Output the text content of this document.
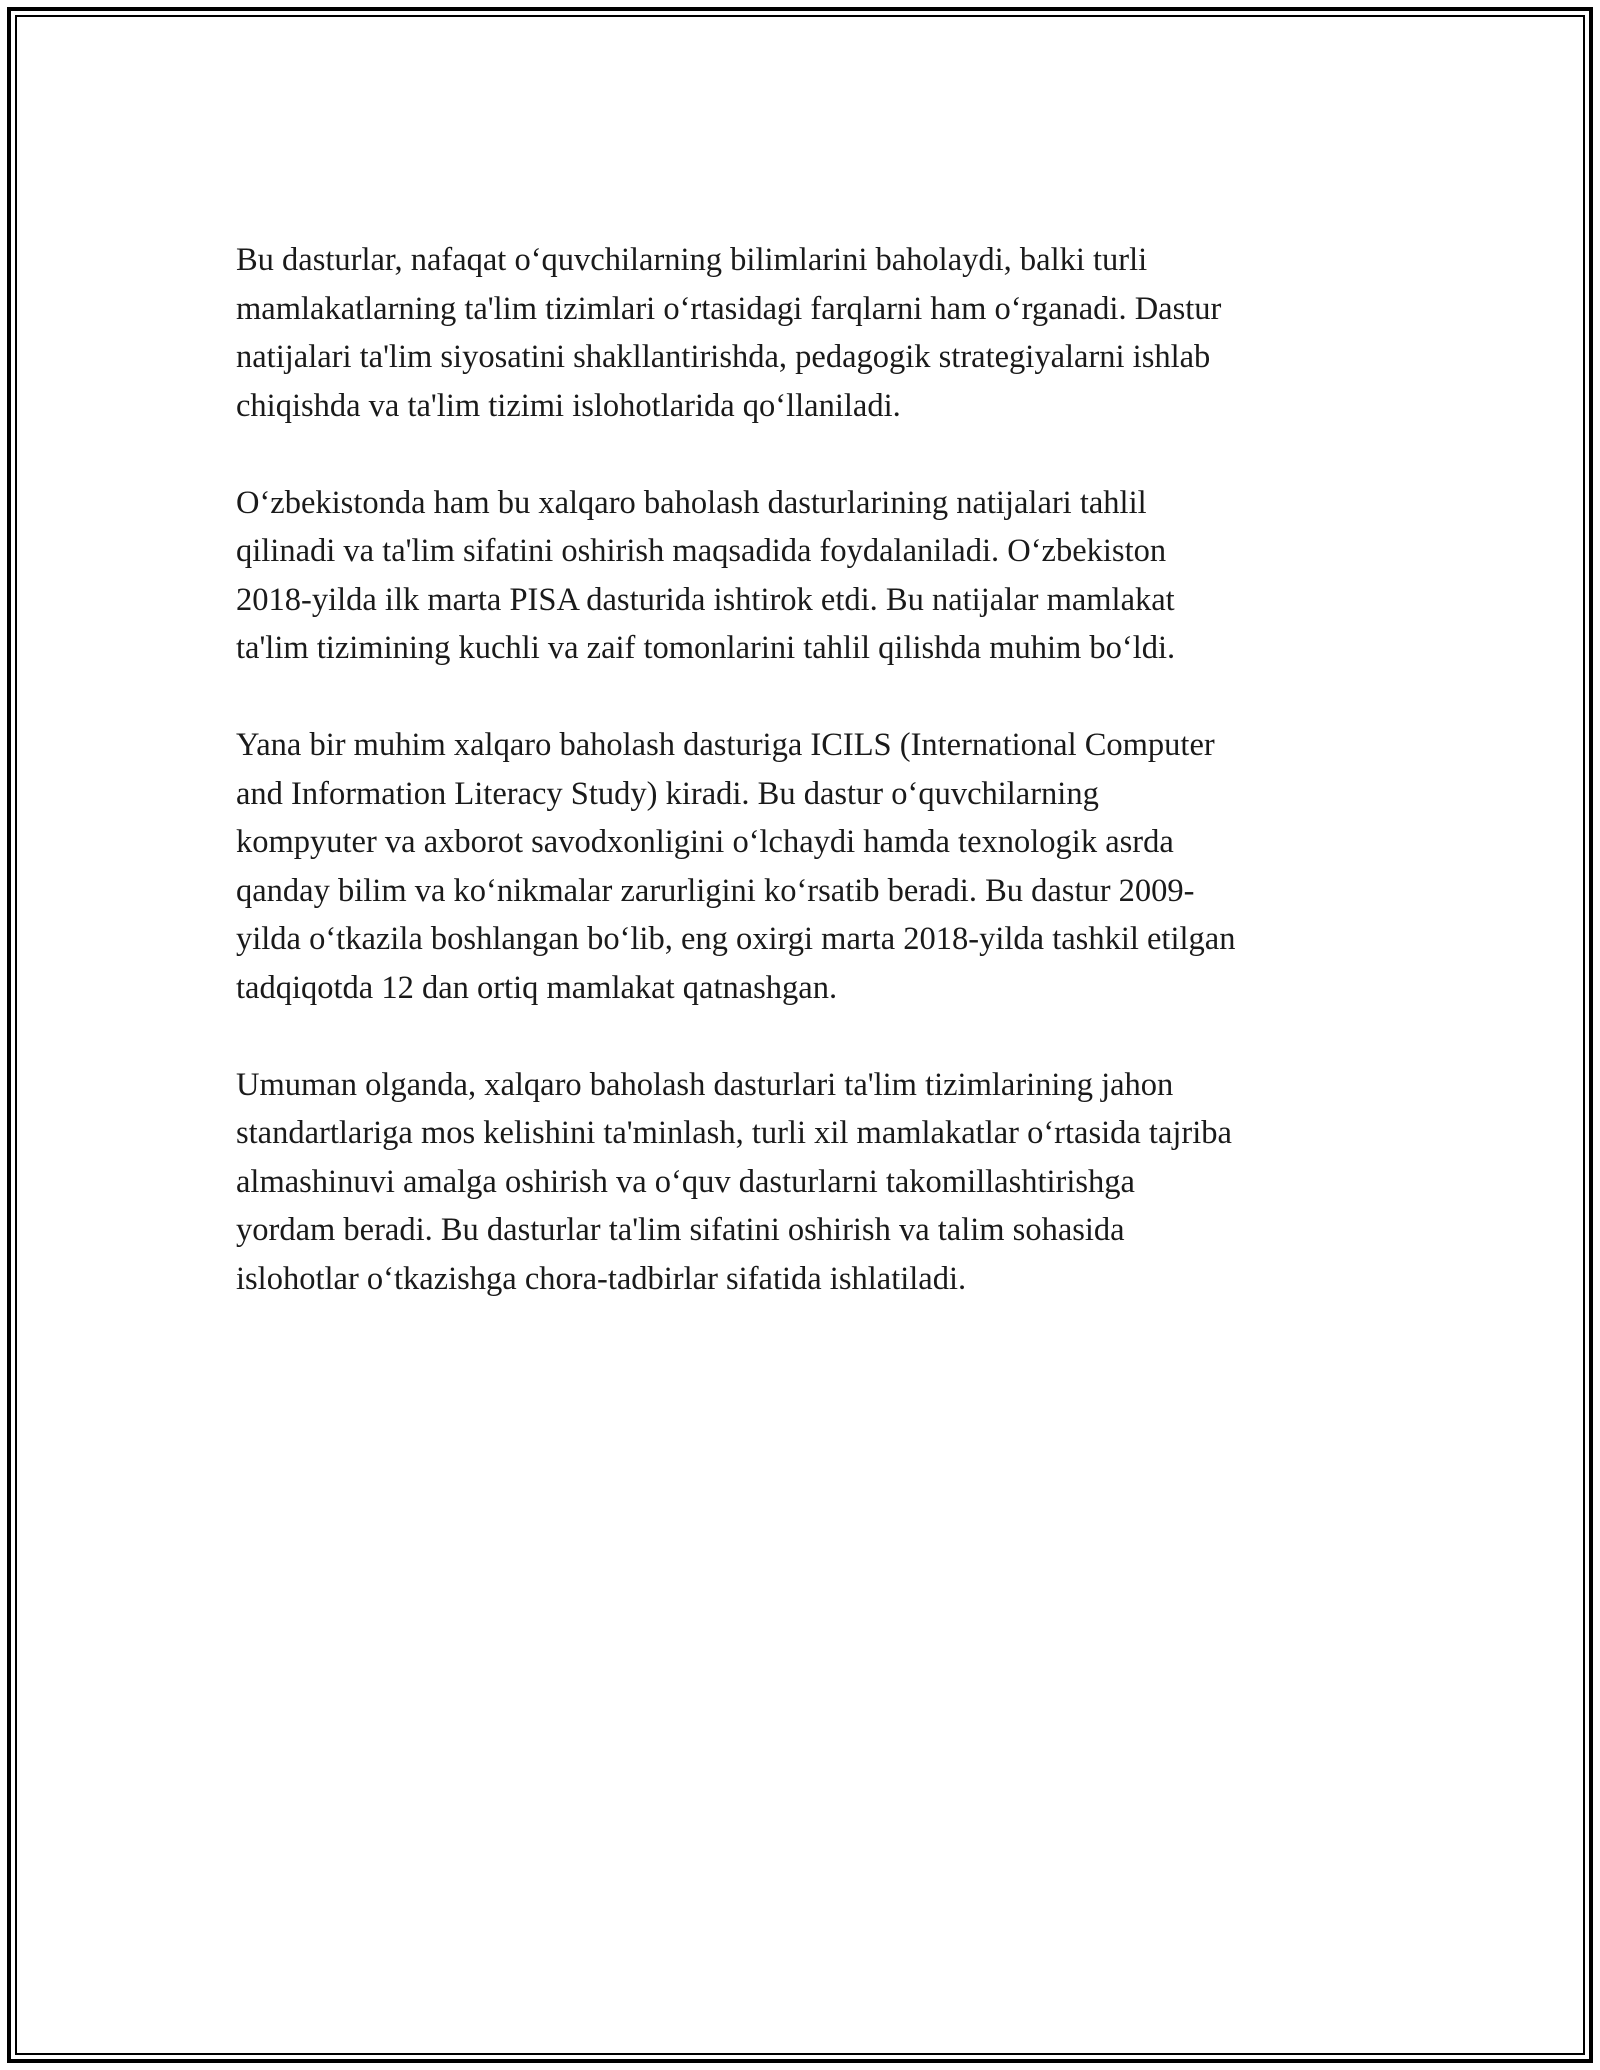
Bu dasturlar, nafaqat o‘quvchilarning bilimlarini baholaydi, balki turli
mamlakatlarning ta'lim tizimlari o‘rtasidagi farqlarni ham o‘rganadi. Dastur
natijalari ta'lim siyosatini shakllantirishda, pedagogik strategiyalarni ishlab
chiqishda va ta'lim tizimi islohotlarida qo‘llaniladi.

O‘zbekistonda ham bu xalqaro baholash dasturlarining natijalari tahlil
qilinadi va ta'lim sifatini oshirish maqsadida foydalaniladi. O‘zbekiston
2018-yilda ilk marta PISA dasturida ishtirok etdi. Bu natijalar mamlakat
ta'lim tizimining kuchli va zaif tomonlarini tahlil qilishda muhim bo‘ldi.

Yana bir muhim xalqaro baholash dasturiga ICILS (International Computer
and Information Literacy Study) kiradi. Bu dastur o‘quvchilarning
kompyuter va axborot savodxonligini o‘lchaydi hamda texnologik asrda
qanday bilim va ko‘nikmalar zarurligini ko‘rsatib beradi. Bu dastur 2009-
yilda o‘tkazila boshlangan bo‘lib, eng oxirgi marta 2018-yilda tashkil etilgan
tadqiqotda 12 dan ortiq mamlakat qatnashgan.

Umuman olganda, xalqaro baholash dasturlari ta'lim tizimlarining jahon
standartlariga mos kelishini ta'minlash, turli xil mamlakatlar o‘rtasida tajriba
almashinuvi amalga oshirish va o‘quv dasturlarni takomillashtirishga
yordam beradi. Bu dasturlar ta'lim sifatini oshirish va talim sohasida
islohotlar o‘tkazishga chora-tadbirlar sifatida ishlatiladi.
